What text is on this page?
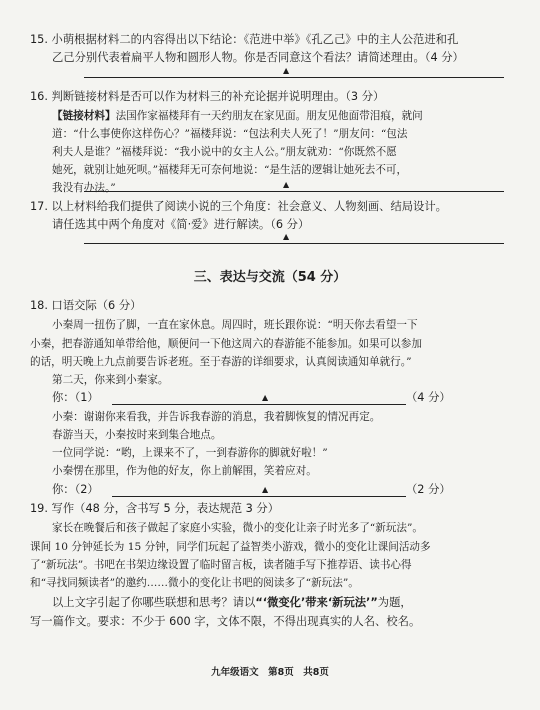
15. 小萌根据材料二的内容得出以下结论：《范进中举》《孔乙己》中的主人公范进和孔
乙己分别代表着扁平人物和圆形人物。你是否同意这个看法？请简述理由。（4 分）
▲
16. 判断链接材料是否可以作为材料三的补充论据并说明理由。（3 分）
【链接材料】法国作家福楼拜有一天约朋友在家见面。朋友见他面带泪痕，就问
道：“什么事使你这样伤心？”福楼拜说：“包法利夫人死了！”朋友问：“包法
利夫人是谁？”福楼拜说：“我小说中的女主人公。”朋友就劝：“你既然不愿
她死，就别让她死呗。”福楼拜无可奈何地说：“是生活的逻辑让她死去不可，
我没有办法。”	▲
17. 以上材料给我们提供了阅读小说的三个角度：社会意义、人物刻画、结局设计。
请任选其中两个角度对《简·爱》进行解读。（6 分）
▲
三、表达与交流（54 分）
18. 口语交际（6 分）
小秦周一扭伤了脚，一直在家休息。周四时，班长跟你说：“明天你去看望一下
小秦，把春游通知单带给他，顺便问一下他这周六的春游能不能参加。如果可以参加
的话，明天晚上九点前要告诉老班。至于春游的详细要求，认真阅读通知单就行。”
第二天，你来到小秦家。
你：（1）	▲	（4 分）
小秦：谢谢你来看我，并告诉我春游的消息，我着脚恢复的情况再定。
春游当天，小秦按时来到集合地点。
一位同学说：“哟，上课来不了，一到春游你的脚就好啦！”
小秦愣在那里，作为他的好友，你上前解围，笑着应对。
你：（2）	▲	（2 分）
19. 写作（48 分，含书写 5 分，表达规范 3 分）
家长在晚餐后和孩子做起了家庭小实验，微小的变化让亲子时光多了“新玩法”。
课间 10 分钟延长为 15 分钟，同学们玩起了益智类小游戏，微小的变化让课间活动多
了“新玩法”。书吧在书架边缘设置了临时留言板，读者随手写下推荐语、读书心得
和“寻找同频读者”的邀约……微小的变化让书吧的阅读多了“新玩法”。
以上文字引起了你哪些联想和思考？请以“‘微变化’带来‘新玩法’”为题，
写一篇作文。要求：不少于 600 字，文体不限，不得出现真实的人名、校名。
九年级语文　第8页　共8页
